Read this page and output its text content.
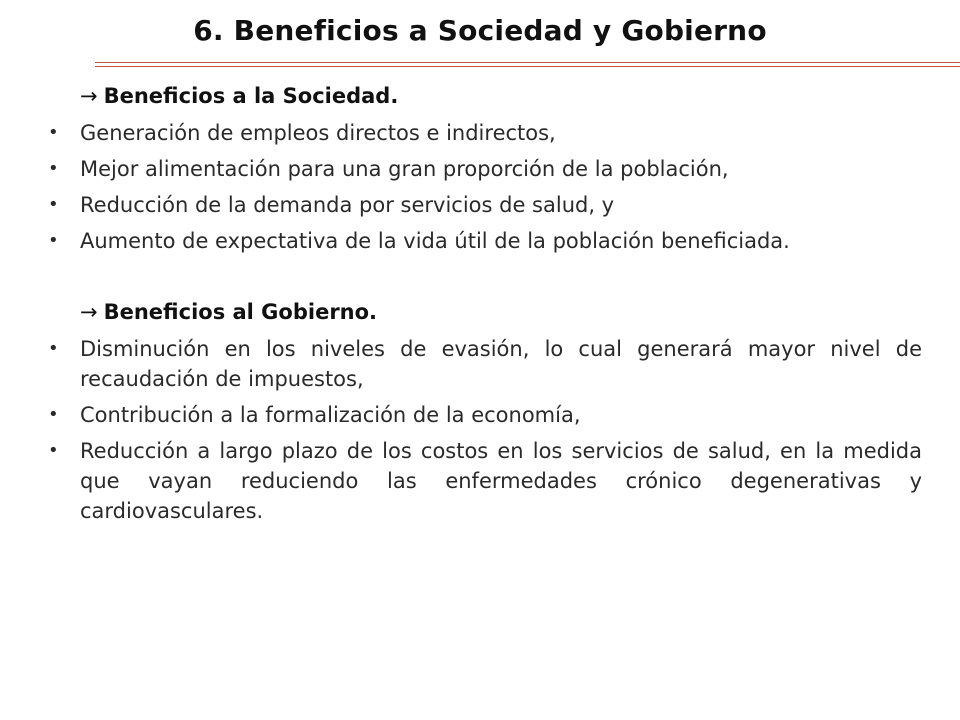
6. Beneficios a Sociedad y Gobierno
→ Beneficios a la Sociedad.
• Generación de empleos directos e indirectos,
• Mejor alimentación para una gran proporción de la población,
• Reducción de la demanda por servicios de salud, y
• Aumento de expectativa de la vida útil de la población beneficiada.
→ Beneficios al Gobierno.
• Disminución en los niveles de evasión, lo cual generará mayor nivel de recaudación de impuestos,
• Contribución a la formalización de la economía,
• Reducción a largo plazo de los costos en los servicios de salud, en la medida que vayan reduciendo las enfermedades crónico degenerativas y cardiovasculares.
